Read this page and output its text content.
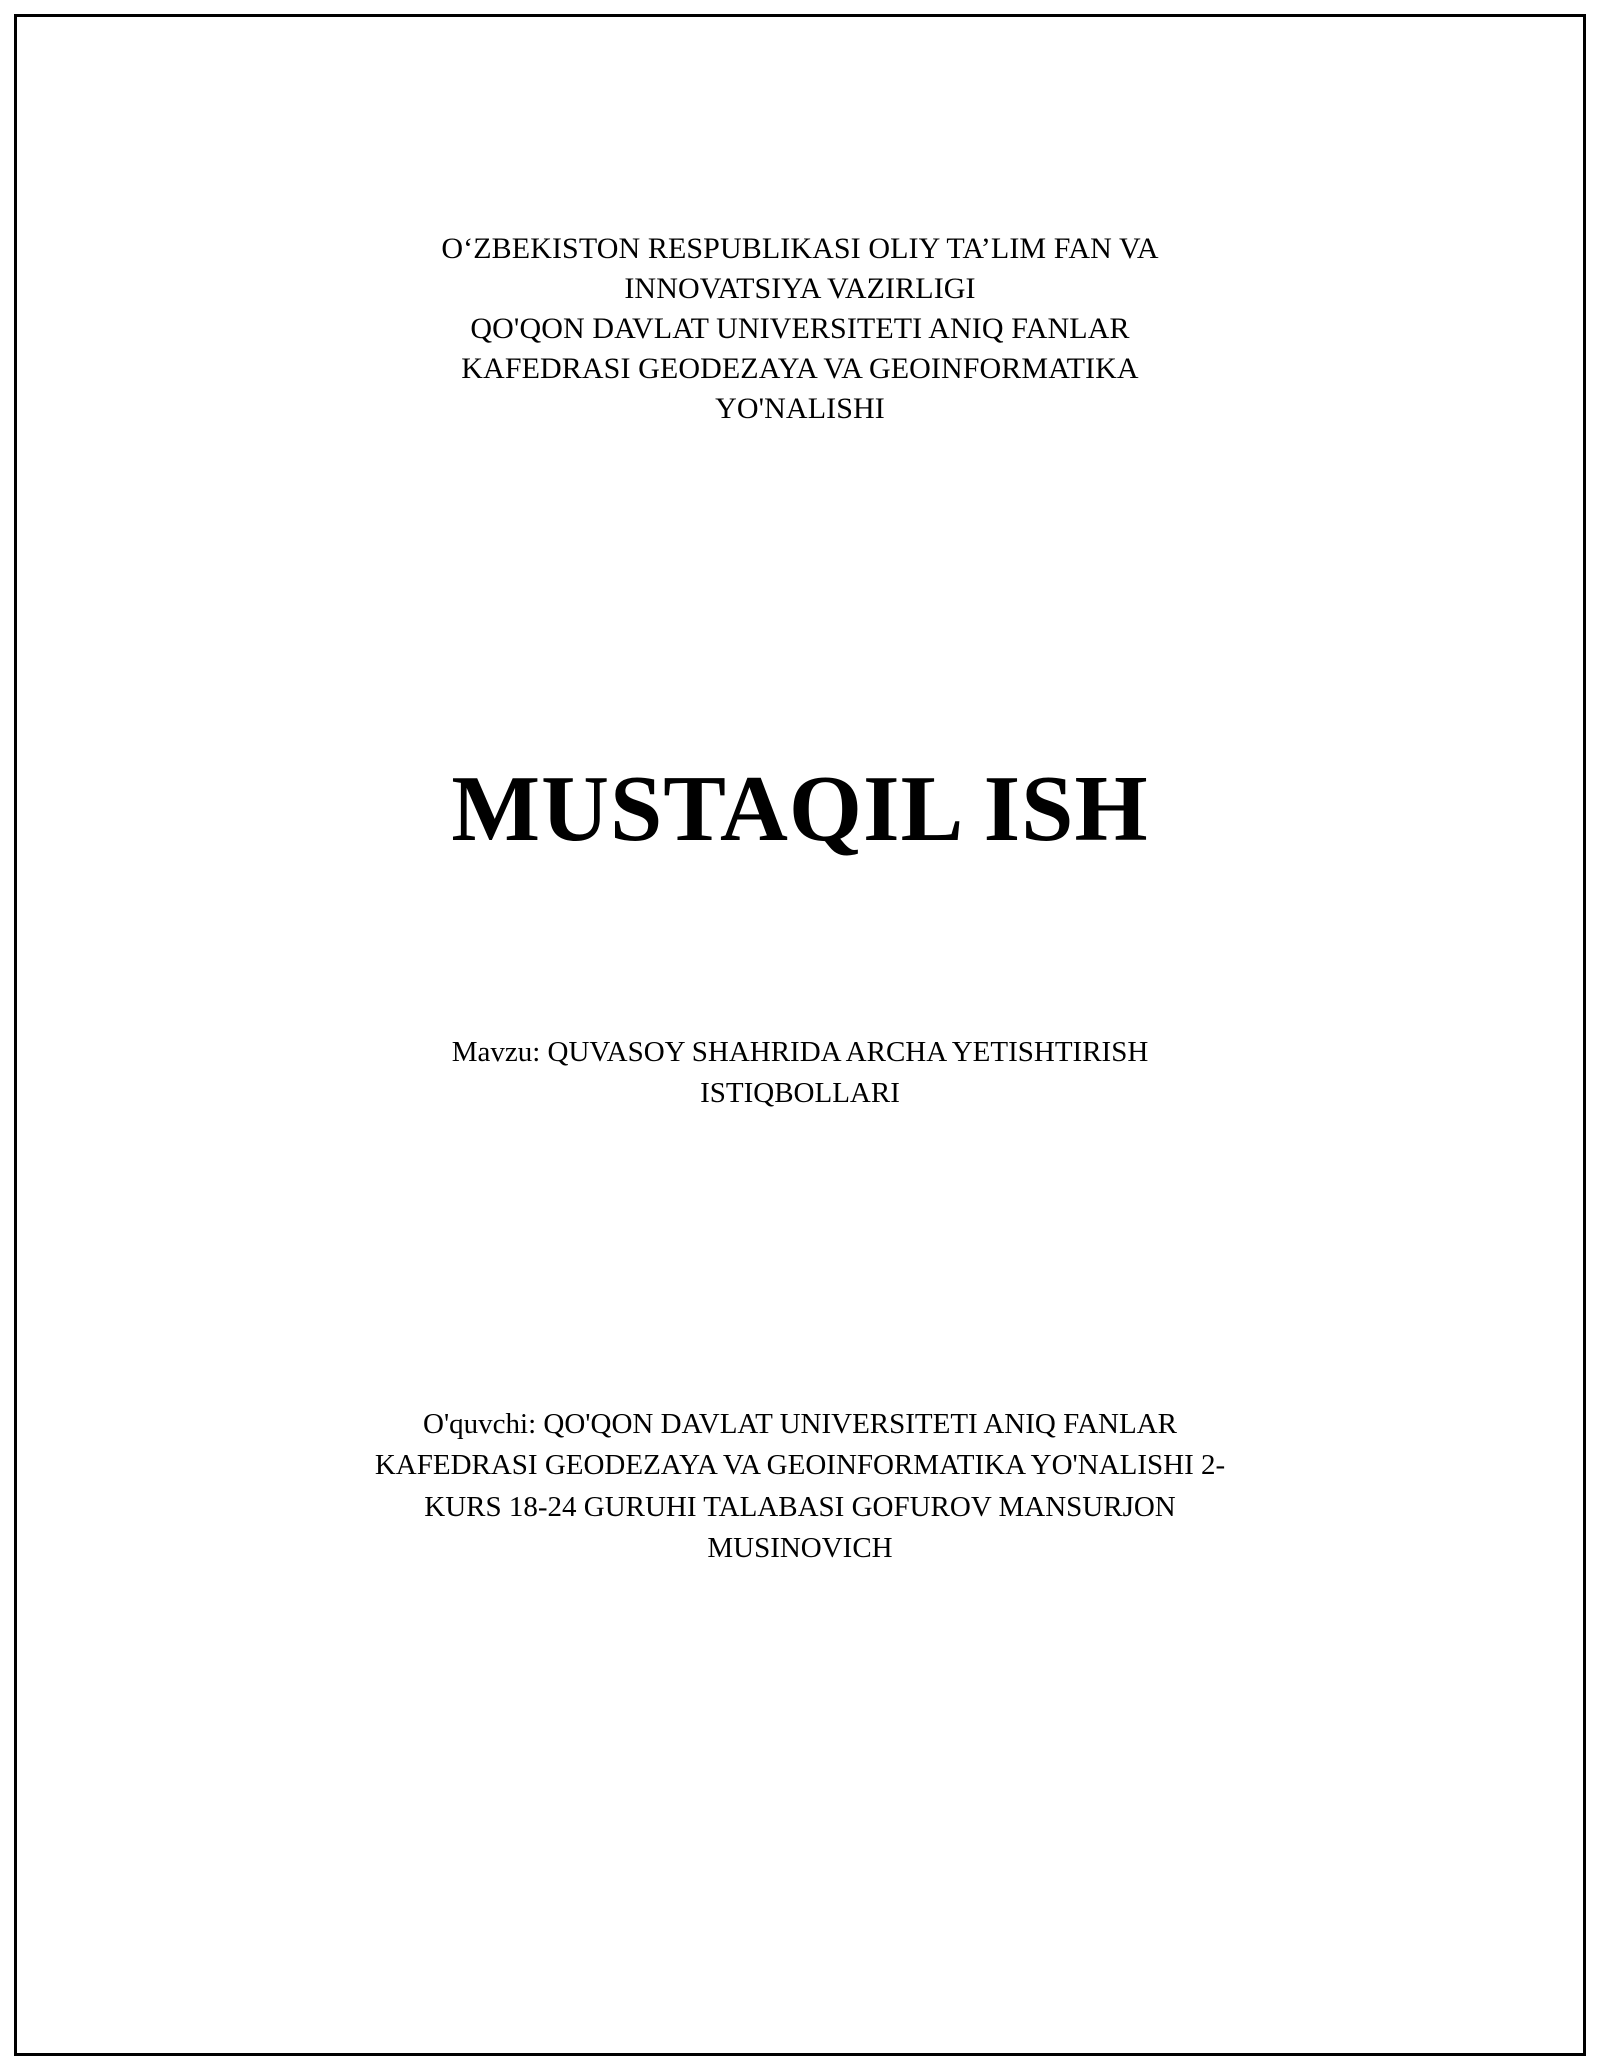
O‘ZBEKISTON RESPUBLIKASI OLIY TA’LIM FAN VA
INNOVATSIYA VAZIRLIGI
QO'QON DAVLAT UNIVERSITETI ANIQ FANLAR
KAFEDRASI GEODEZAYA VA GEOINFORMATIKA
YO'NALISHI
MUSTAQIL ISH
Mavzu: QUVASOY SHAHRIDA ARCHA YETISHTIRISH
ISTIQBOLLARI
O'quvchi: QO'QON DAVLAT UNIVERSITETI ANIQ FANLAR
KAFEDRASI GEODEZAYA VA GEOINFORMATIKA YO'NALISHI 2-
KURS 18-24 GURUHI TALABASI GOFUROV MANSURJON
MUSINOVICH
